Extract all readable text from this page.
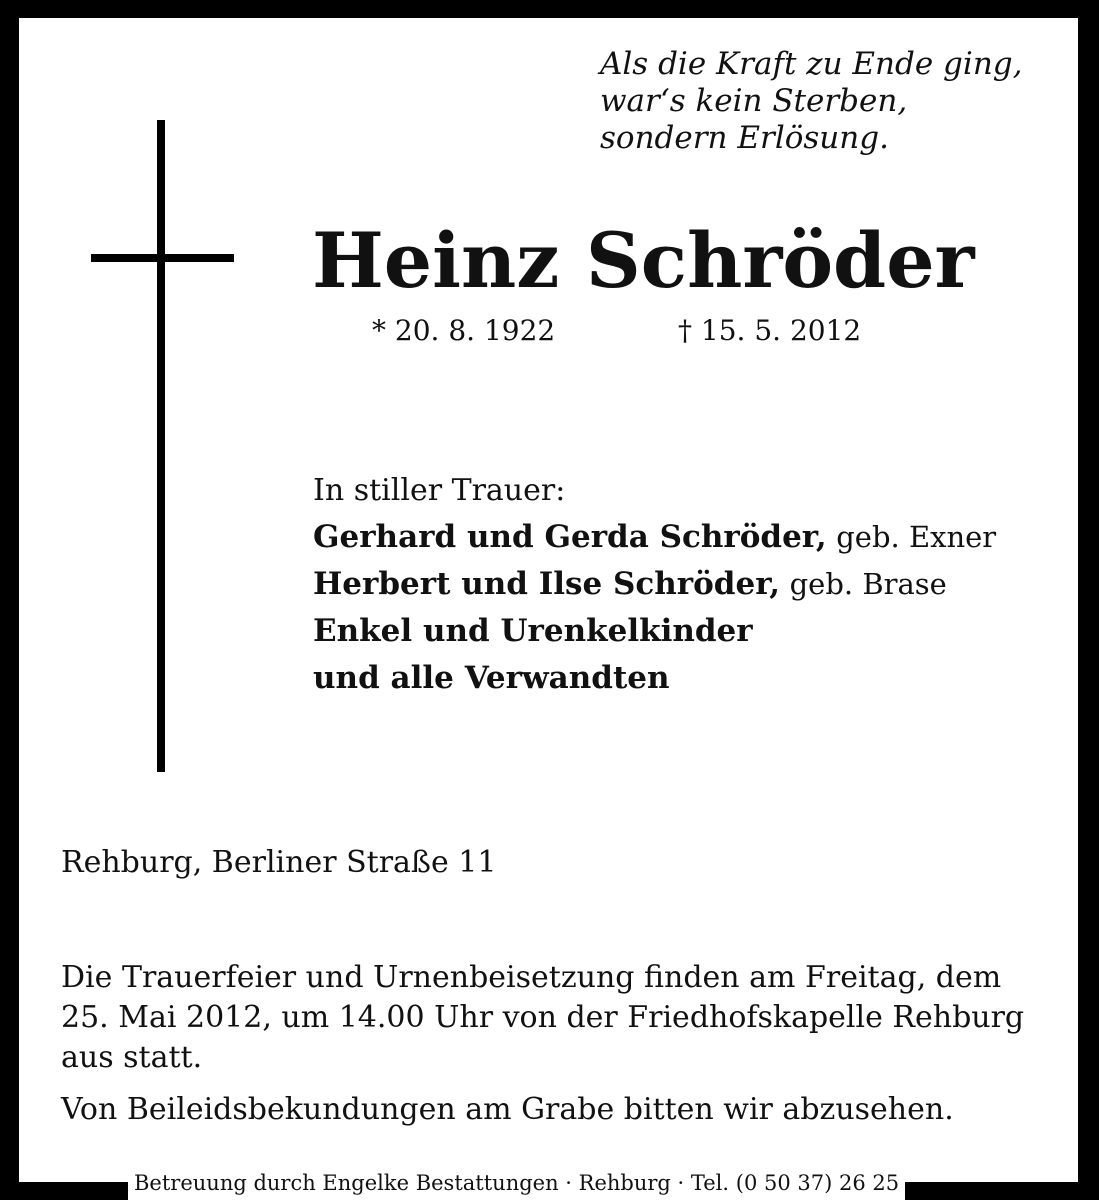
Als die Kraft zu Ende ging,
war‘s kein Sterben,
sondern Erlösung.
Heinz Schröder
* 20. 8. 1922	† 15. 5. 2012
In stiller Trauer:
Gerhard und Gerda Schröder, geb. Exner
Herbert und Ilse Schröder, geb. Brase
Enkel und Urenkelkinder
und alle Verwandten
Rehburg, Berliner Straße 11
Die Trauerfeier und Urnenbeisetzung finden am Freitag, dem
25. Mai 2012, um 14.00 Uhr von der Friedhofskapelle Rehburg
aus statt.
Von Beileidsbekundungen am Grabe bitten wir abzusehen.
Betreuung durch Engelke Bestattungen · Rehburg · Tel. (0 50 37) 26 25
